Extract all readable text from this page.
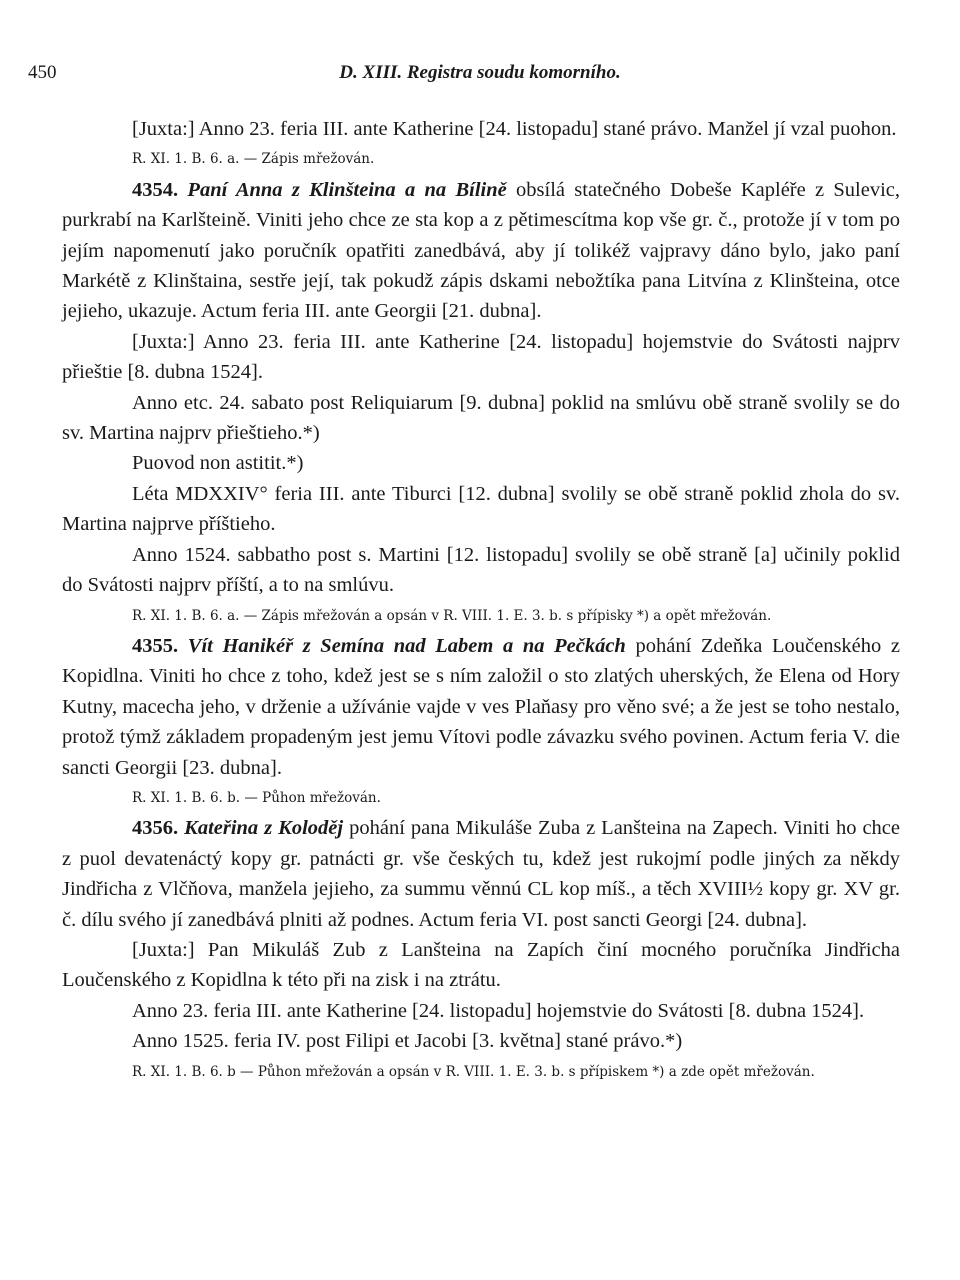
450	D. XIII. Registra soudu komorního.

[Juxta:] Anno 23. feria III. ante Katherine [24. listopadu] stané právo. Manžel jí vzal puohon.

R. XI. 1. B. 6. a. — Zápis mřežován.

4354. Paní Anna z Klinšteina a na Bílině obsílá statečného Dobeše Kapléře z Sulevic, purkrabí na Karlšteině. Viniti jeho chce ze sta kop a z pětimescítma kop vše gr. č., protože jí v tom po jejím napomenutí jako poručník opatřiti zanedbává, aby jí tolikéž vajpravy dáno bylo, jako paní Markétě z Klinštaina, sestře její, tak pokudž zápis dskami nebožtíka pana Litvína z Klinšteina, otce jejieho, ukazuje. Actum feria III. ante Georgii [21. dubna].

[Juxta:] Anno 23. feria III. ante Katherine [24. listopadu] hojemstvie do Svátosti najprv přieštie [8. dubna 1524].

Anno etc. 24. sabato post Reliquiarum [9. dubna] poklid na smlúvu obě straně svolily se do sv. Martina najprv přieštieho.*)

Puovod non astitit.*)

Léta MDXXIV° feria III. ante Tiburci [12. dubna] svolily se obě straně poklid zhola do sv. Martina najprve příštieho.

Anno 1524. sabbatho post s. Martini [12. listopadu] svolily se obě straně [a] učinily poklid do Svátosti najprv příští, a to na smlúvu.

R. XI. 1. B. 6. a. — Zápis mřežován a opsán v R. VIII. 1. E. 3. b. s přípisky *) a opět mřežován.

4355. Vít Hanikéř z Semína nad Labem a na Pečkách pohání Zdeňka Loučenského z Kopidlna. Viniti ho chce z toho, kdež jest se s ním založil o sto zlatých uherských, že Elena od Hory Kutny, macecha jeho, v drženie a užívánie vajde v ves Plaňasy pro věno své; a že jest se toho nestalo, protož týmž základem propadeným jest jemu Vítovi podle závazku svého povinen. Actum feria V. die sancti Georgii [23. dubna].

R. XI. 1. B. 6. b. — Půhon mřežován.

4356. Kateřina z Koloděj pohání pana Mikuláše Zuba z Lanšteina na Zapech. Viniti ho chce z puol devatenáctý kopy gr. patnácti gr. vše českých tu, kdež jest rukojmí podle jiných za někdy Jindřicha z Vlčňova, manžela jejieho, za summu věnnú CL kop míš., a těch XVIII½ kopy gr. XV gr. č. dílu svého jí zanedbává plniti až podnes. Actum feria VI. post sancti Georgi [24. dubna].

[Juxta:] Pan Mikuláš Zub z Lanšteina na Zapích činí mocného poručníka Jindřicha Loučenského z Kopidlna k této při na zisk i na ztrátu.

Anno 23. feria III. ante Katherine [24. listopadu] hojemstvie do Svátosti [8. dubna 1524].

Anno 1525. feria IV. post Filipi et Jacobi [3. května] stané právo.*)

R. XI. 1. B. 6. b — Půhon mřežován a opsán v R. VIII. 1. E. 3. b. s přípiskem *) a zde opět mřežován.
